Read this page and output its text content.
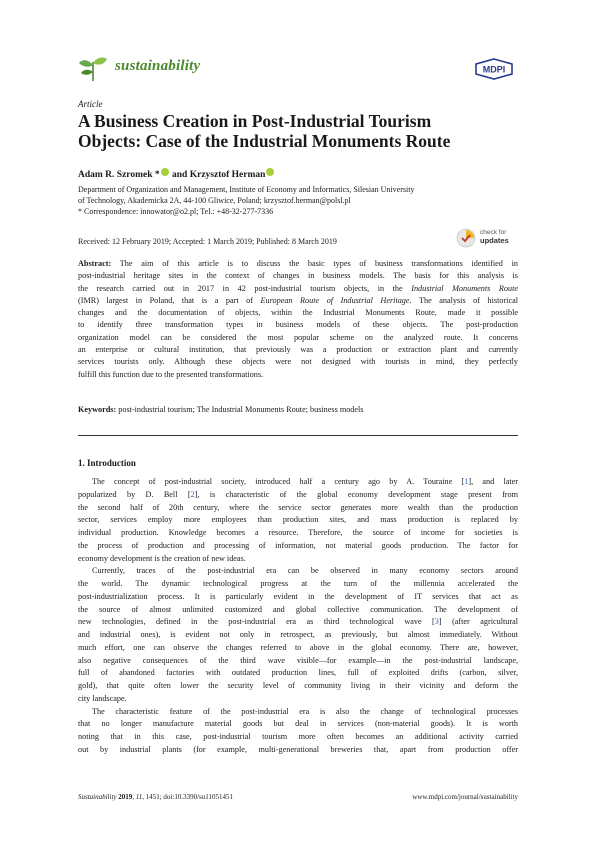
sustainability	MDPI
Article
A Business Creation in Post-Industrial Tourism
Objects: Case of the Industrial Monuments Route
Adam R. Szromek * and Krzysztof Herman
Department of Organization and Management, Institute of Economy and Informatics, Silesian University
of Technology, Akademicka 2A, 44-100 Gliwice, Poland; krzysztof.herman@polsl.pl
* Correspondence: innowator@o2.pl; Tel.: +48-32-277-7336
Received: 12 February 2019; Accepted: 1 March 2019; Published: 8 March 2019
check for
updates
Abstract: The aim of this article is to discuss the basic types of business transformations identified in
post-industrial heritage sites in the context of changes in business models. The basis for this analysis is
the research carried out in 2017 in 42 post-industrial tourism objects, in the Industrial Monuments Route
(IMR) largest in Poland, that is a part of European Route of Industrial Heritage. The analysis of historical
changes and the documentation of objects, within the Industrial Monuments Route, made it possible
to identify three transformation types in business models of these objects. The post-production
organization model can be considered the most popular scheme on the analyzed route. It concerns
an enterprise or cultural institution, that previously was a production or extraction plant and currently
services tourists only. Although these objects were not designed with tourists in mind, they perfectly
fulfill this function due to the presented transformations.
Keywords: post-industrial tourism; The Industrial Monuments Route; business models
1. Introduction
The concept of post-industrial society, introduced half a century ago by A. Touraine [1], and later
popularized by D. Bell [2], is characteristic of the global economy development stage present from
the second half of 20th century, where the service sector generates more wealth than the production
sector, services employ more employees than production sites, and mass production is replaced by
individual production. Knowledge becomes a resource. Therefore, the source of income for societies is
the process of production and processing of information, not material goods production. The factor for
economy development is the creation of new ideas.
Currently, traces of the post-industrial era can be observed in many economy sectors around
the world. The dynamic technological progress at the turn of the millennia accelerated the
post-industrialization process. It is particularly evident in the development of IT services that act as
the source of almost unlimited customized and global collective communication. The development of
new technologies, defined in the post-industrial era as third technological wave [3] (after agricultural
and industrial ones), is evident not only in retrospect, as previously, but almost immediately. Without
much effort, one can observe the changes referred to above in the global economy. There are, however,
also negative consequences of the third wave visible—for example—in the post-industrial landscape,
full of abandoned factories with outdated production lines, full of exploited drifts (carbon, silver,
gold), that quite often lower the security level of community living in their vicinity and deform the
city landscape.
The characteristic feature of the post-industrial era is also the change of technological processes
that no longer manufacture material goods but deal in services (non-material goods). It is worth
noting that in this case, post-industrial tourism more often becomes an additional activity carried
out by industrial plants (for example, multi-generational breweries that, apart from production offer
Sustainability 2019, 11, 1451; doi:10.3390/su11051451	www.mdpi.com/journal/sustainability
